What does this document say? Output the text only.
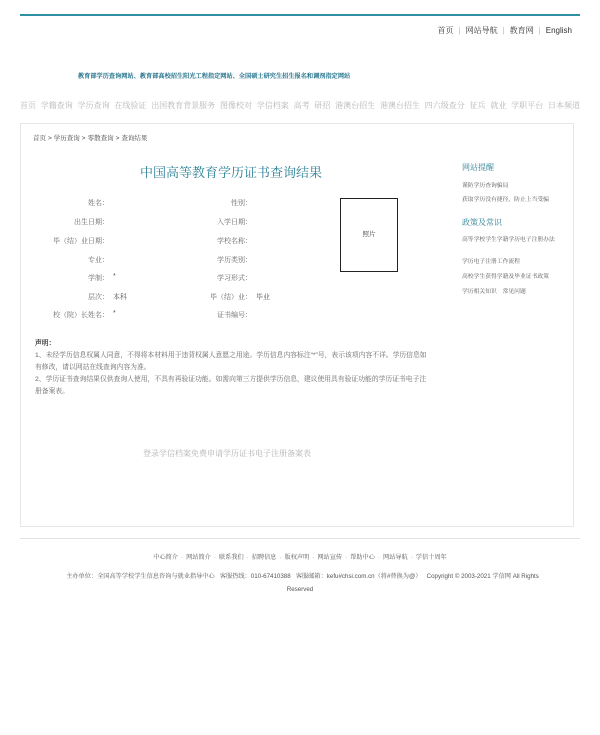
首页 | 网站导航 | 教育网 | English
教育部学历查询网站、教育部高校招生阳光工程指定网站、全国硕士研究生招生报名和调剂指定网站
首页 学籍查询 学历查询 在线验证 出国教育背景服务 图像校对 学信档案 高考 研招 港澳台招生 港澳台招生 四六级查分 征兵 就业 学职平台 日本频道
首页 > 学历查询 > 零散查询 > 查询结果
中国高等教育学历证书查询结果
姓名：
出生日期：
毕（结）业日期：
专业：
学制：
层次：
校（院）长姓名：
*
本科
*
性别：
入学日期：
学校名称：
学历类别：
学习形式：
毕（结）业：
证书编号：
毕业
照片
网站提醒
谨防学历查询骗局
获取学历没有捷径，防止上当受骗
政策及常识
高等学校学生学籍学历电子注册办法
学历电子注册工作流程
高校学生获得学籍及毕业证书政策
学历相关知识　常见问题
声明：
1、未经学历信息权属人同意，不得将本材料用于违背权属人意愿之用途。学历信息内容标注“*”号，表示该项内容不详。学历信息如有修改，请以网站在线查询内容为准。
2、学历证书查询结果仅供查询人使用，不具有再验证功能。如需向第三方提供学历信息，建议使用具有验证功能的学历证书电子注册备案表。
登录学信档案免费申请学历证书电子注册备案表
中心简介 · 网站简介 · 联系我们 · 招聘信息 · 版权声明 · 网站宣传 · 帮助中心 · 网站导航 · 学信十周年
主办单位：全国高等学校学生信息咨询与就业指导中心 客服热线：010-67410388 客服邮箱：kefu#chsi.com.cn（将#替换为@） Copyright © 2003-2021 学信网 All Rights
Reserved
